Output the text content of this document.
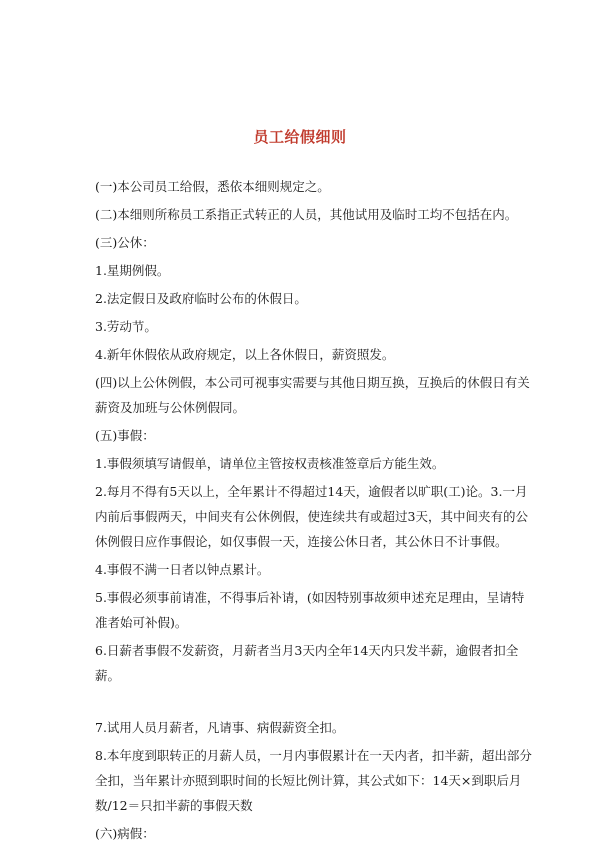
员工给假细则
(一)本公司员工给假，悉依本细则规定之。
(二)本细则所称员工系指正式转正的人员，其他试用及临时工均不包括在内。
(三)公休：
1.星期例假。
2.法定假日及政府临时公布的休假日。
3.劳动节。
4.新年休假依从政府规定，以上各休假日，薪资照发。
(四)以上公休例假，本公司可视事实需要与其他日期互换，互换后的休假日有关薪资及加班与公休例假同。
(五)事假：
1.事假须填写请假单，请单位主管按权责核准签章后方能生效。
2.每月不得有5天以上，全年累计不得超过14天，逾假者以旷职(工)论。3.一月内前后事假两天，中间夹有公休例假，使连续共有或超过3天，其中间夹有的公休例假日应作事假论，如仅事假一天，连接公休日者，其公休日不计事假。
4.事假不满一日者以钟点累计。
5.事假必须事前请准，不得事后补请，(如因特别事故须申述充足理由，呈请特准者始可补假)。
6.日薪者事假不发薪资，月薪者当月3天内全年14天内只发半薪，逾假者扣全薪。
7.试用人员月薪者，凡请事、病假薪资全扣。
8.本年度到职转正的月薪人员，一月内事假累计在一天内者，扣半薪，超出部分全扣，当年累计亦照到职时间的长短比例计算，其公式如下：14天×到职后月数/12＝只扣半薪的事假天数
(六)病假：
